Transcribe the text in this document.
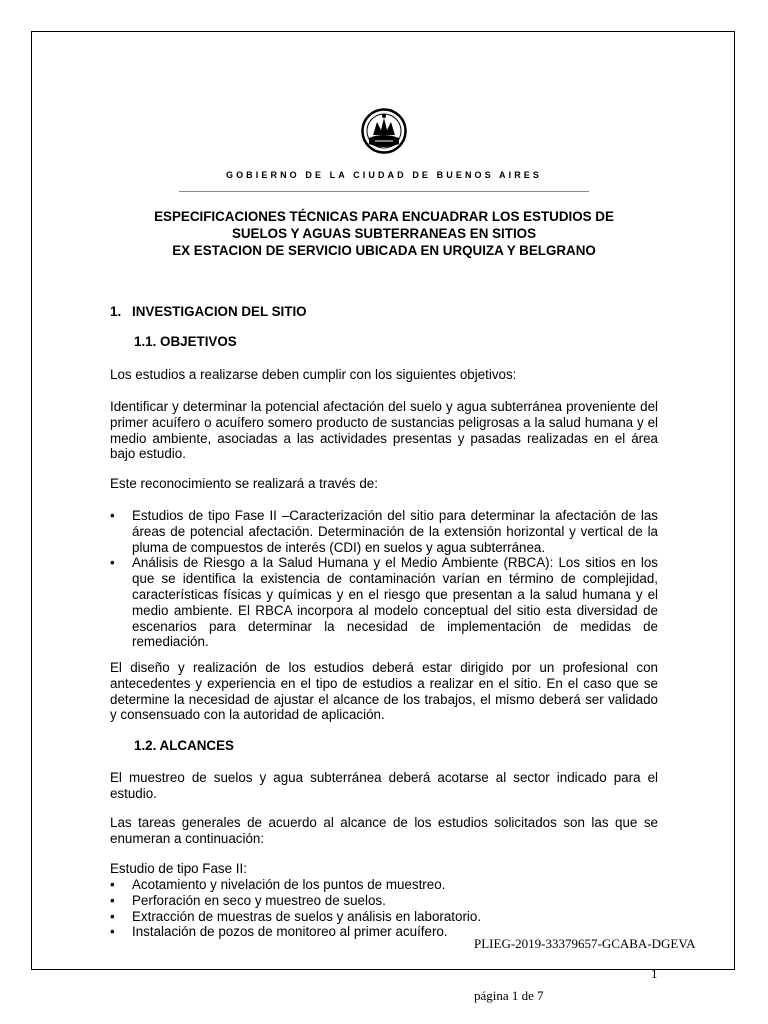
GOBIERNO DE LA CIUDAD DE BUENOS AIRES
ESPECIFICACIONES TÉCNICAS PARA ENCUADRAR LOS ESTUDIOS DE
SUELOS Y AGUAS SUBTERRANEAS EN SITIOS
EX ESTACION DE SERVICIO UBICADA EN URQUIZA Y BELGRANO
1. INVESTIGACION DEL SITIO
1.1. OBJETIVOS

Los estudios a realizarse deben cumplir con los siguientes objetivos:

Identificar y determinar la potencial afectación del suelo y agua subterránea proveniente del primer acuífero o acuífero somero producto de sustancias peligrosas a la salud humana y el medio ambiente, asociadas a las actividades presentas y pasadas realizadas en el área bajo estudio.

Este reconocimiento se realizará a través de:

• Estudios de tipo Fase II –Caracterización del sitio para determinar la afectación de las áreas de potencial afectación. Determinación de la extensión horizontal y vertical de la pluma de compuestos de interés (CDI) en suelos y agua subterránea.
• Análisis de Riesgo a la Salud Humana y el Medio Ambiente (RBCA): Los sitios en los que se identifica la existencia de contaminación varían en término de complejidad, características físicas y químicas y en el riesgo que presentan a la salud humana y el medio ambiente. El RBCA incorpora al modelo conceptual del sitio esta diversidad de escenarios para determinar la necesidad de implementación de medidas de remediación.

El diseño y realización de los estudios deberá estar dirigido por un profesional con antecedentes y experiencia en el tipo de estudios a realizar en el sitio. En el caso que se determine la necesidad de ajustar el alcance de los trabajos, el mismo deberá ser validado y consensuado con la autoridad de aplicación.

1.2. ALCANCES

El muestreo de suelos y agua subterránea deberá acotarse al sector indicado para el estudio.

Las tareas generales de acuerdo al alcance de los estudios solicitados son las que se enumeran a continuación:

Estudio de tipo Fase II:

• Acotamiento y nivelación de los puntos de muestreo.
• Perforación en seco y muestreo de suelos.
• Extracción de muestras de suelos y análisis en laboratorio.
• Instalación de pozos de monitoreo al primer acuífero.
PLIEG-2019-33379657-GCABA-DGEVA
1
página 1 de 7
